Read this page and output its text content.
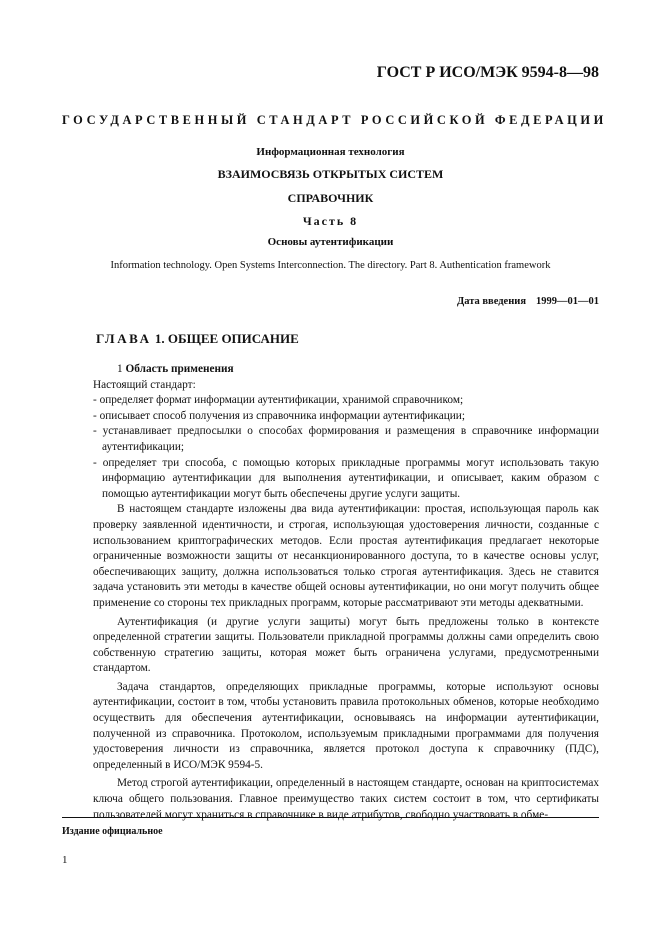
ГОСТ Р ИСО/МЭК 9594-8—98
ГОСУДАРСТВЕННЫЙ СТАНДАРТ РОССИЙСКОЙ ФЕДЕРАЦИИ
Информационная технология
ВЗАИМОСВЯЗЬ ОТКРЫТЫХ СИСТЕМ
СПРАВОЧНИК
Часть 8
Основы аутентификации
Information technology. Open Systems Interconnection. The directory. Part 8. Authentication framework
Дата введения 1999—01—01
ГЛАВА 1. ОБЩЕЕ ОПИСАНИЕ

1 Область применения

Настоящий стандарт:

- определяет формат информации аутентификации, хранимой справочником;

- описывает способ получения из справочника информации аутентификации;

- устанавливает предпосылки о способах формирования и размещения в справочнике информации аутентификации;

- определяет три способа, с помощью которых прикладные программы могут использовать такую информацию аутентификации для выполнения аутентификации, и описывает, каким образом с помощью аутентификации могут быть обеспечены другие услуги защиты.

В настоящем стандарте изложены два вида аутентификации: простая, использующая пароль как проверку заявленной идентичности, и строгая, использующая удостоверения личности, созданные с использованием криптографических методов. Если простая аутентификация предлагает некоторые ограниченные возможности защиты от несанкционированного доступа, то в качестве основы услуг, обеспечивающих защиту, должна использоваться только строгая аутентификация. Здесь не ставится задача установить эти методы в качестве общей основы аутентификации, но они могут получить общее применение со стороны тех прикладных программ, которые рассматривают эти методы адекватными.

Аутентификация (и другие услуги защиты) могут быть предложены только в контексте определенной стратегии защиты. Пользователи прикладной программы должны сами определить свою собственную стратегию защиты, которая может быть ограничена услугами, предусмотренными стандартом.

Задача стандартов, определяющих прикладные программы, которые используют основы аутентификации, состоит в том, чтобы установить правила протокольных обменов, которые необходимо осуществить для обеспечения аутентификации, основываясь на информации аутентификации, полученной из справочника. Протоколом, используемым прикладными программами для получения удостоверения личности из справочника, является протокол доступа к справочнику (ПДС), определенный в ИСО/МЭК 9594-5.

Метод строгой аутентификации, определенный в настоящем стандарте, основан на криптосистемах ключа общего пользования. Главное преимущество таких систем состоит в том, что сертификаты пользователей могут храниться в справочнике в виде атрибутов, свободно участвовать в обме-

Издание официальное
1
